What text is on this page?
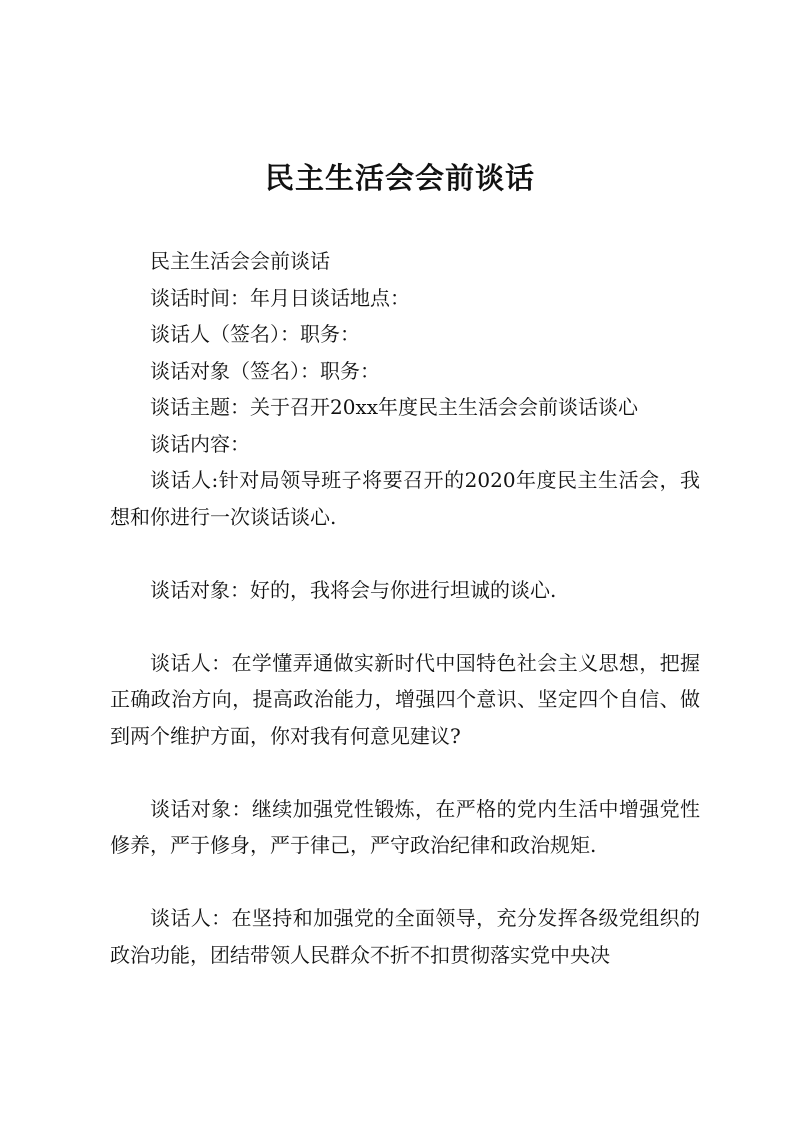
民主生活会会前谈话

民主生活会会前谈话

谈话时间：年月日谈话地点：

谈话人（签名）：职务：

谈话对象（签名）：职务：

谈话主题：关于召开20xx年度民主生活会会前谈话谈心

谈话内容：

谈话人:针对局领导班子将要召开的2020年度民主生活会，我想和你进行一次谈话谈心.

谈话对象：好的，我将会与你进行坦诚的谈心.

谈话人：在学懂弄通做实新时代中国特色社会主义思想，把握正确政治方向，提高政治能力，增强四个意识、坚定四个自信、做到两个维护方面，你对我有何意见建议?

谈话对象：继续加强党性锻炼，在严格的党内生活中增强党性修养，严于修身，严于律己，严守政治纪律和政治规矩.

谈话人：在坚持和加强党的全面领导，充分发挥各级党组织的政治功能，团结带领人民群众不折不扣贯彻落实党中央决
